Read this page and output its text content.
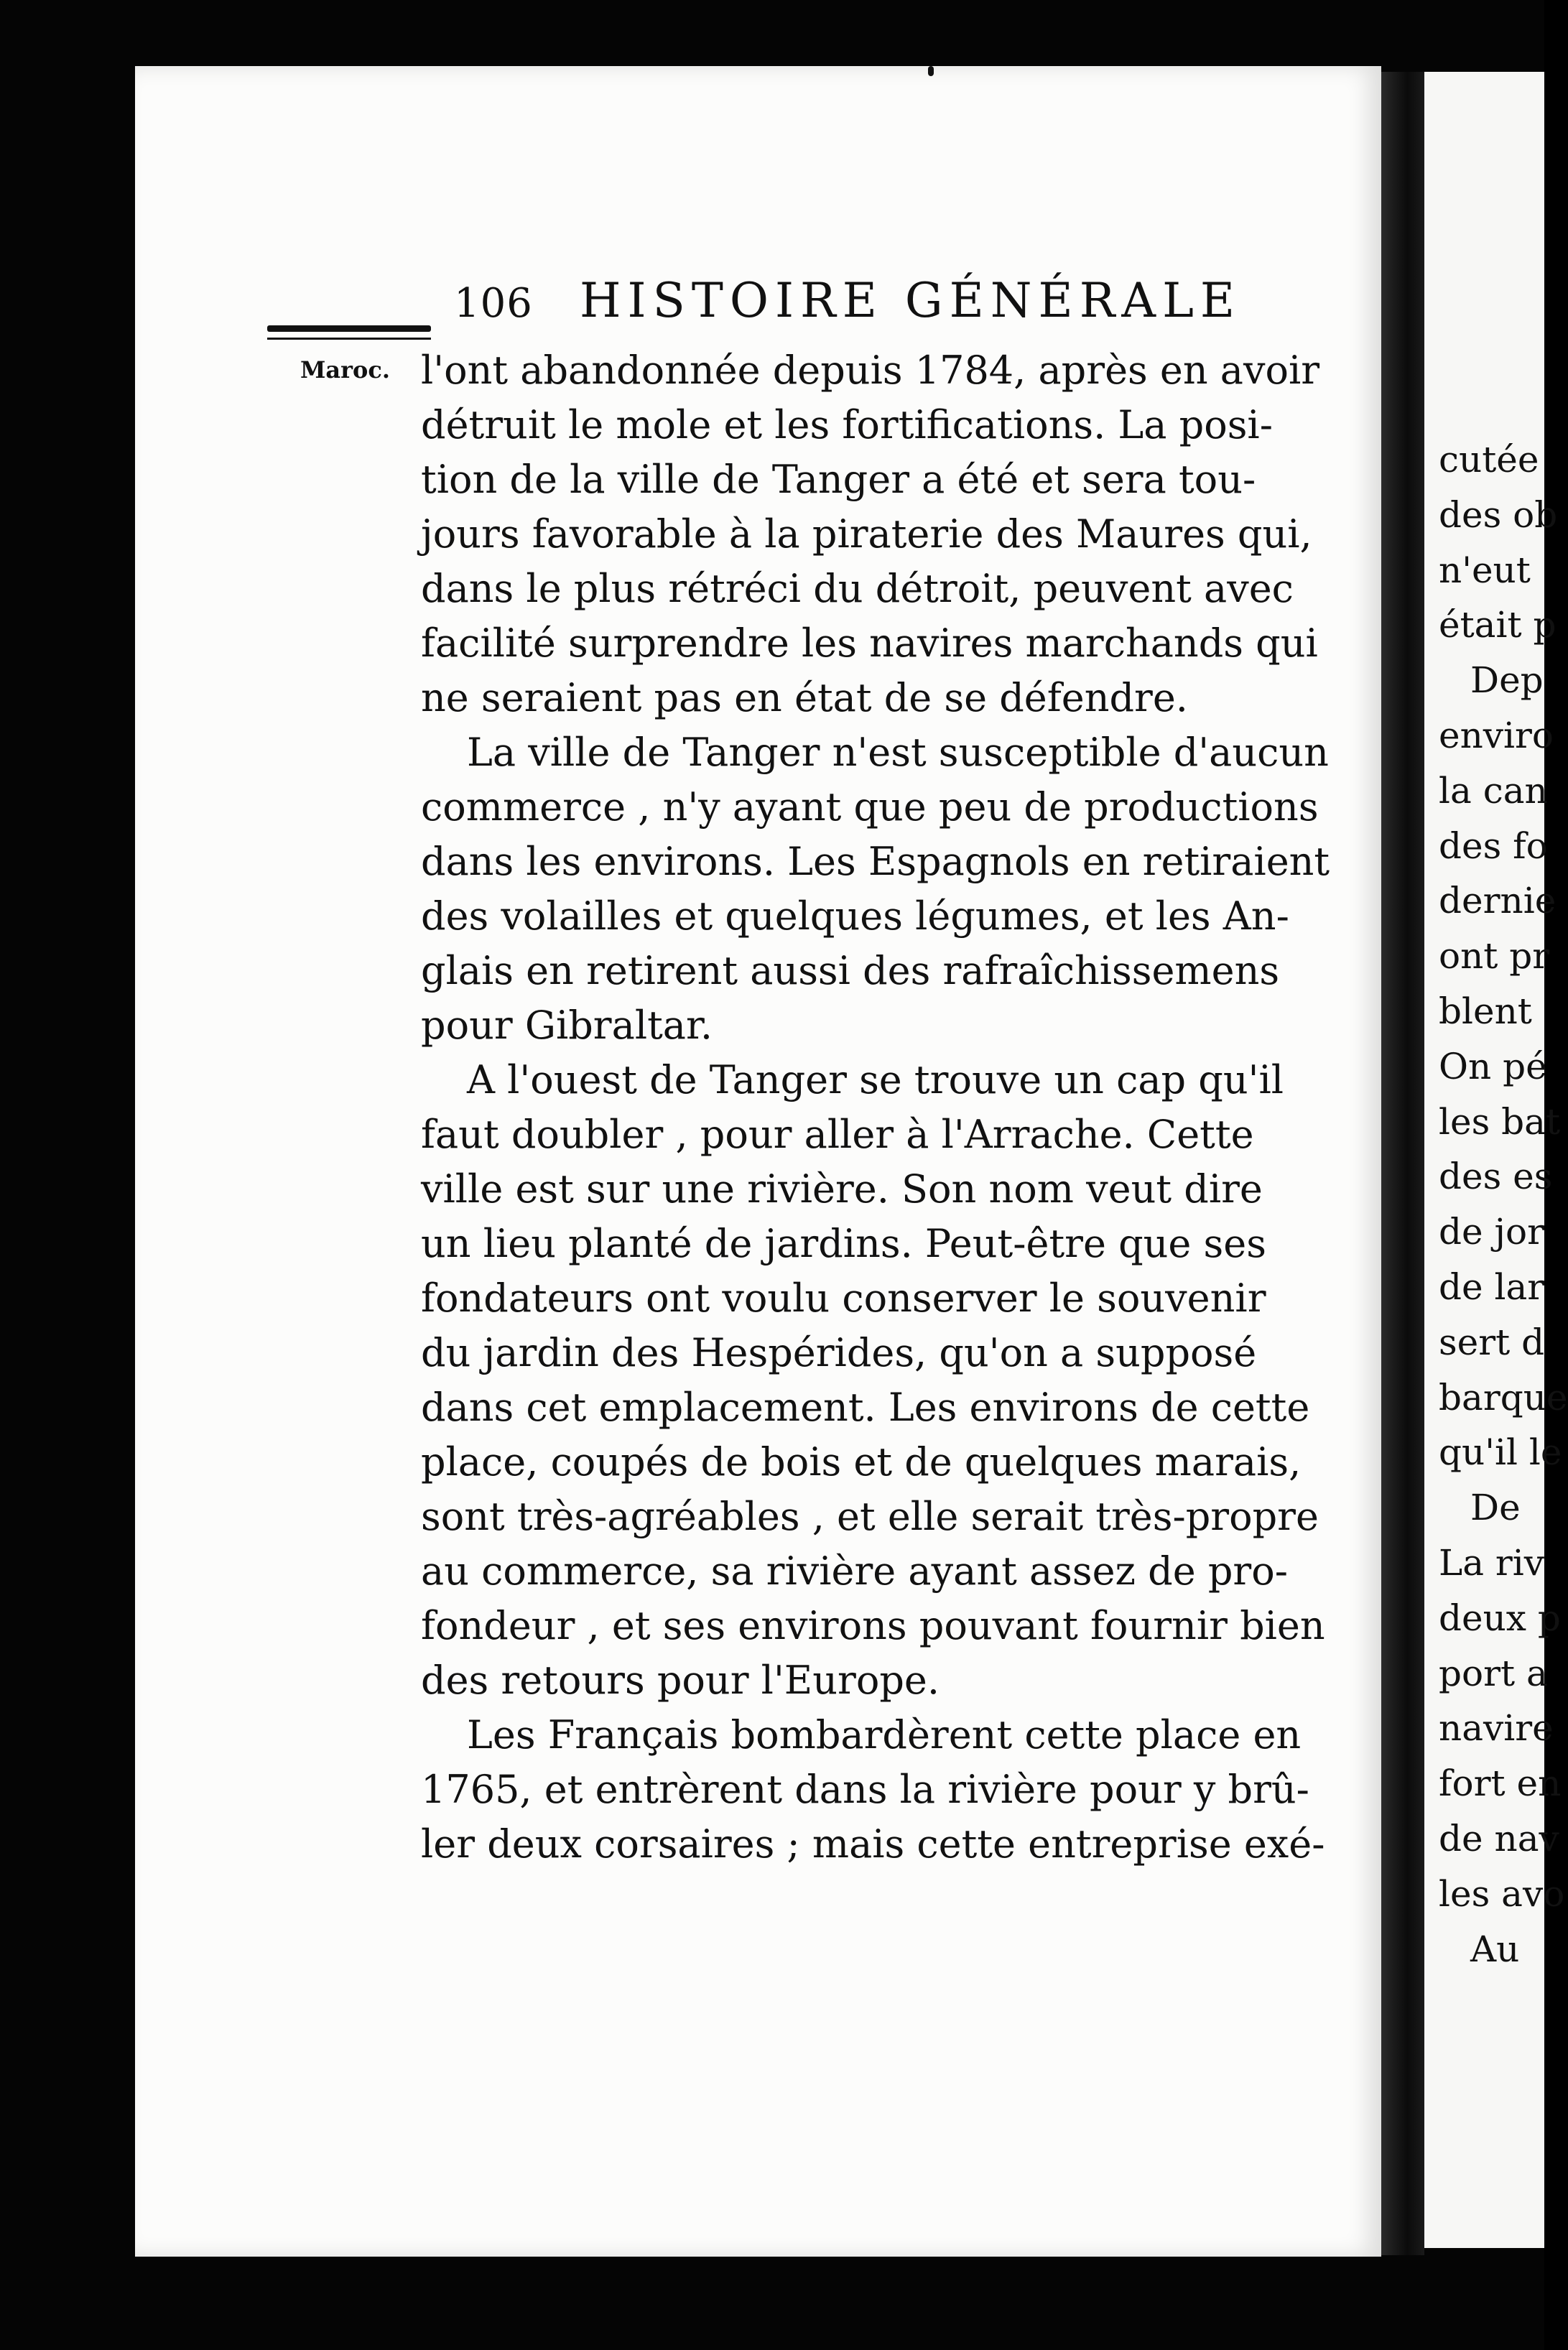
106 HISTOIRE GÉNÉRALE
Maroc. l'ont abandonnée depuis 1784, après en avoir
détruit le mole et les fortifications. La posi-
tion de la ville de Tanger a été et sera tou-
jours favorable à la piraterie des Maures qui,
dans le plus rétréci du détroit, peuvent avec
facilité surprendre les navires marchands qui
ne seraient pas en état de se défendre.
La ville de Tanger n'est susceptible d'aucun
commerce , n'y ayant que peu de productions
dans les environs. Les Espagnols en retiraient
des volailles et quelques légumes, et les An-
glais en retirent aussi des rafraîchissemens
pour Gibraltar.
A l'ouest de Tanger se trouve un cap qu'il
faut doubler , pour aller à l'Arrache. Cette
ville est sur une rivière. Son nom veut dire
un lieu planté de jardins. Peut-être que ses
fondateurs ont voulu conserver le souvenir
du jardin des Hespérides, qu'on a supposé
dans cet emplacement. Les environs de cette
place, coupés de bois et de quelques marais,
sont très-agréables , et elle serait très-propre
au commerce, sa rivière ayant assez de pro-
fondeur , et ses environs pouvant fournir bien
des retours pour l'Europe.
Les Français bombardèrent cette place en
1765, et entrèrent dans la rivière pour y brû-
ler deux corsaires ; mais cette entreprise exé-
cutée
des ob
n'eut
était p
Dep
enviro
la can
des fo
dernie
ont pr
blent
On pé
les bat
des es
de jor
de lar
sert d
barque
qu'il le
De
La riv
deux p
port a
navire
fort en
de nav
les avo
Au
